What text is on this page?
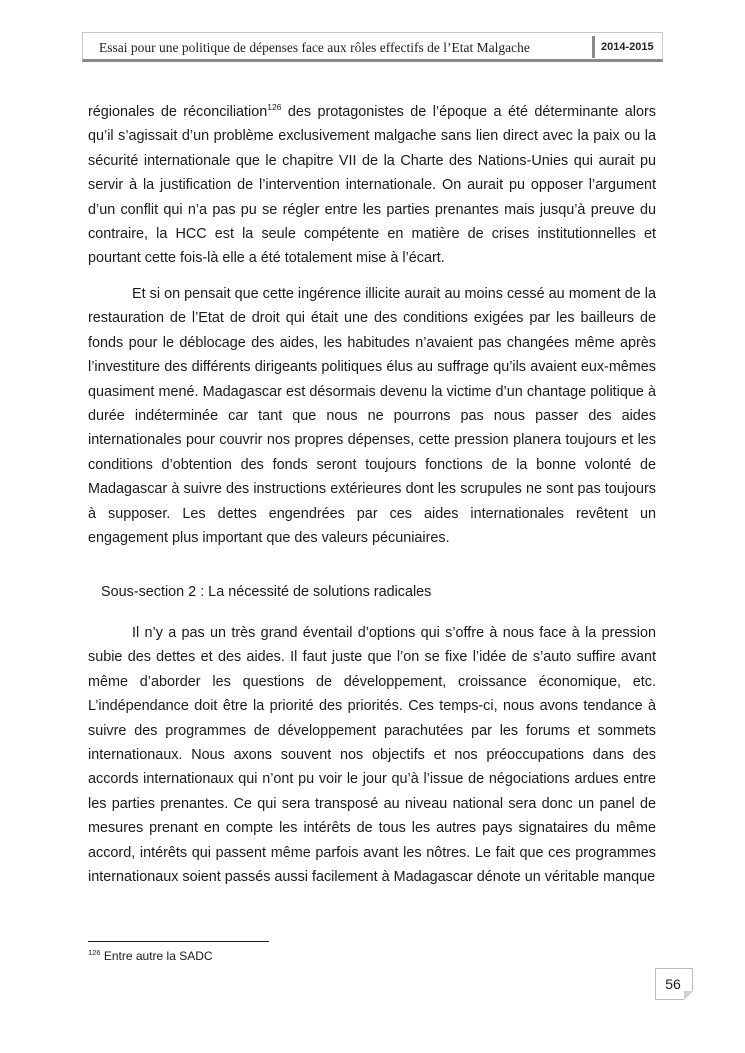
Essai pour une politique de dépenses face aux rôles effectifs de l’Etat Malgache	2014-2015

régionales de réconciliation$^{126}$ des protagonistes de l’époque a été déterminante alors qu’il s’agissait d’un problème exclusivement malgache sans lien direct avec la paix ou la sécurité internationale que le chapitre VII de la Charte des Nations-Unies qui aurait pu servir à la justification de l’intervention internationale. On aurait pu opposer l’argument d’un conflit qui n’a pas pu se régler entre les parties prenantes mais jusqu’à preuve du contraire, la HCC est la seule compétente en matière de crises institutionnelles et pourtant cette fois-là elle a été totalement mise à l’écart.

Et si on pensait que cette ingérence illicite aurait au moins cessé au moment de la restauration de l’Etat de droit qui était une des conditions exigées par les bailleurs de fonds pour le déblocage des aides, les habitudes n’avaient pas changées même après l’investiture des différents dirigeants politiques élus au suffrage qu’ils avaient eux-mêmes quasiment mené. Madagascar est désormais devenu la victime d’un chantage politique à durée indéterminée car tant que nous ne pourrons pas nous passer des aides internationales pour couvrir nos propres dépenses, cette pression planera toujours et les conditions d’obtention des fonds seront toujours fonctions de la bonne volonté de Madagascar à suivre des instructions extérieures dont les scrupules ne sont pas toujours à supposer. Les dettes engendrées par ces aides internationales revêtent un engagement plus important que des valeurs pécuniaires.

Sous-section 2 : La nécessité de solutions radicales

Il n’y a pas un très grand éventail d’options qui s’offre à nous face à la pression subie des dettes et des aides. Il faut juste que l’on se fixe l’idée de s’auto suffire avant même d’aborder les questions de développement, croissance économique, etc. L’indépendance doit être la priorité des priorités. Ces temps-ci, nous avons tendance à suivre des programmes de développement parachutées par les forums et sommets internationaux. Nous axons souvent nos objectifs et nos préoccupations dans des accords internationaux qui n’ont pu voir le jour qu’à l’issue de négociations ardues entre les parties prenantes. Ce qui sera transposé au niveau national sera donc un panel de mesures prenant en compte les intérêts de tous les autres pays signataires du même accord, intérêts qui passent même parfois avant les nôtres. Le fait que ces programmes internationaux soient passés aussi facilement à Madagascar dénote un véritable manque

$^{126}$ Entre autre la SADC
56
